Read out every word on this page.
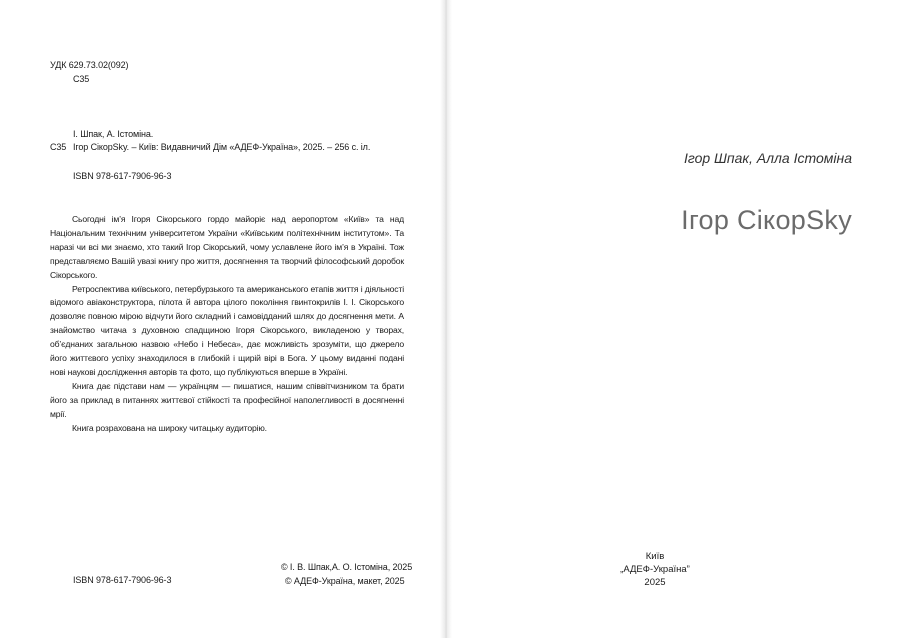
УДК 629.73.02(092)
С35
І. Шпак, А. Істоміна.
С35 Ігор СікорSky. – Київ: Видавничий Дім «АДЕФ-Україна», 2025. – 256 с. іл.
ISBN 978-617-7906-96-3

Сьогодні ім’я Ігоря Сікорського гордо майоріє над аеропортом «Київ» та над Національним технічним університетом України «Київським політехнічним інститутом». Та наразі чи всі ми знаємо, хто такий Ігор Сікорський, чому уславлене його ім’я в Україні. Тож представляємо Вашій увазі книгу про життя, досягнення та творчий філософський доробок Сікорського.

Ретроспектива київського, петербурзького та американського етапів життя і діяльності відомого авіаконструктора, пілота й автора цілого покоління гвинтокрилів І. І. Сікорського дозволяє повною мірою відчути його складний і самовідданий шлях до досягнення мети. А знайомство читача з духовною спадщиною Ігоря Сікорського, викладеною у творах, об’єднаних загальною назвою «Небо і Небеса», дає можливість зрозуміти, що джерело його життєвого успіху знаходилося в глибокій і щирій вірі в Бога. У цьому виданні подані нові наукові дослідження авторів та фото, що публікуються вперше в Україні.

Книга дає підстави нам — українцям — пишатися, нашим співвітчизником та брати його за приклад в питаннях життєвої стійкості та професійної наполегливості в досягненні мрії.

Книга розрахована на широку читацьку аудиторію.

ISBN 978-617-7906-96-3
© І. В. Шпак,А. О. Істоміна, 2025
© АДЕФ-Україна, макет, 2025
Ігор Шпак, Алла Істоміна
Ігор СікорSky
Київ
„АДЕФ-Україна”
2025
